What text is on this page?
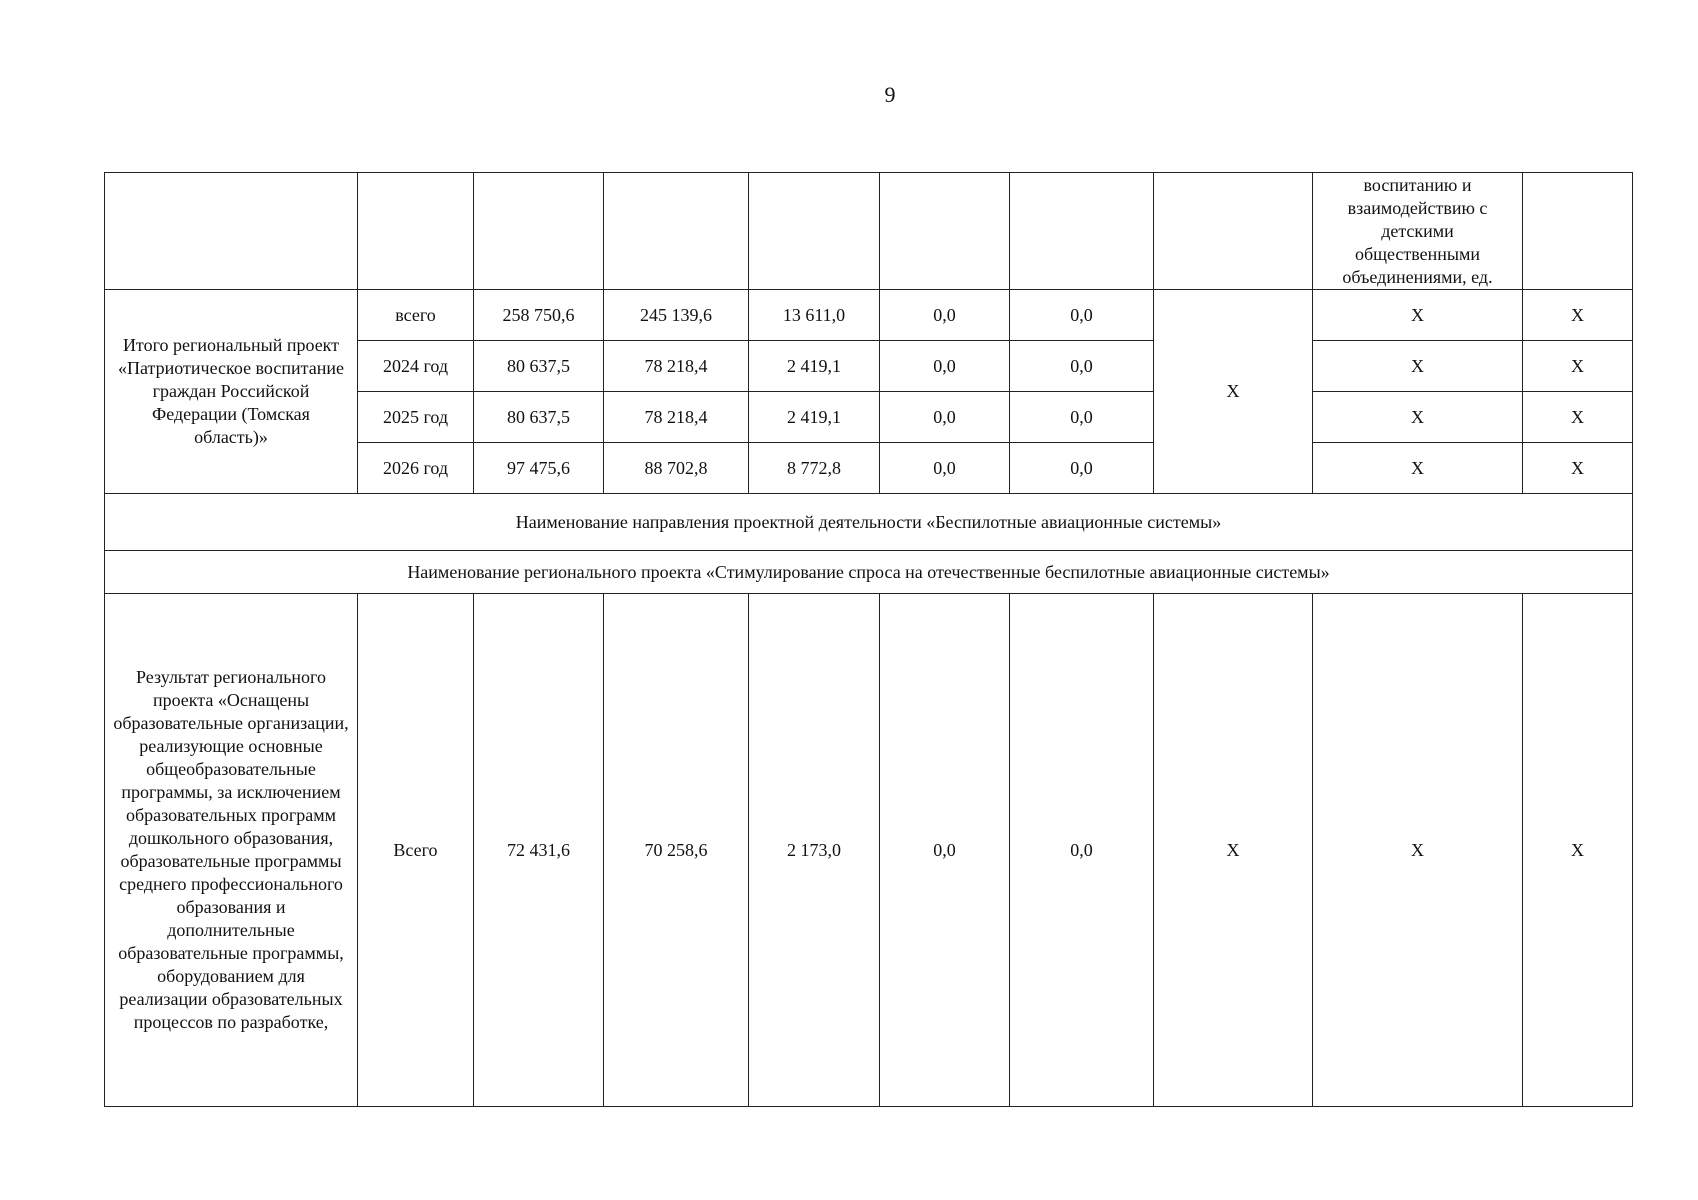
9
								воспитанию и взаимодействию с детскими общественными объединениями, ед.	
Итого региональный проект «Патриотическое воспитание граждан Российской Федерации (Томская область)»	всего	258 750,6	245 139,6	13 611,0	0,0	0,0	X	X	X
	2024 год	80 637,5	78 218,4	2 419,1	0,0	0,0		X	X
	2025 год	80 637,5	78 218,4	2 419,1	0,0	0,0		X	X
	2026 год	97 475,6	88 702,8	8 772,8	0,0	0,0		X	X
Наименование направления проектной деятельности «Беспилотные авиационные системы»									
Наименование регионального проекта «Стимулирование спроса на отечественные беспилотные авиационные системы»									
Результат регионального проекта «Оснащены образовательные организации, реализующие основные общеобразовательные программы, за исключением образовательных программ дошкольного образования, образовательные программы среднего профессионального образования и дополнительные образовательные программы, оборудованием для реализации образовательных процессов по разработке,	Всего	72 431,6	70 258,6	2 173,0	0,0	0,0	X	X	X
